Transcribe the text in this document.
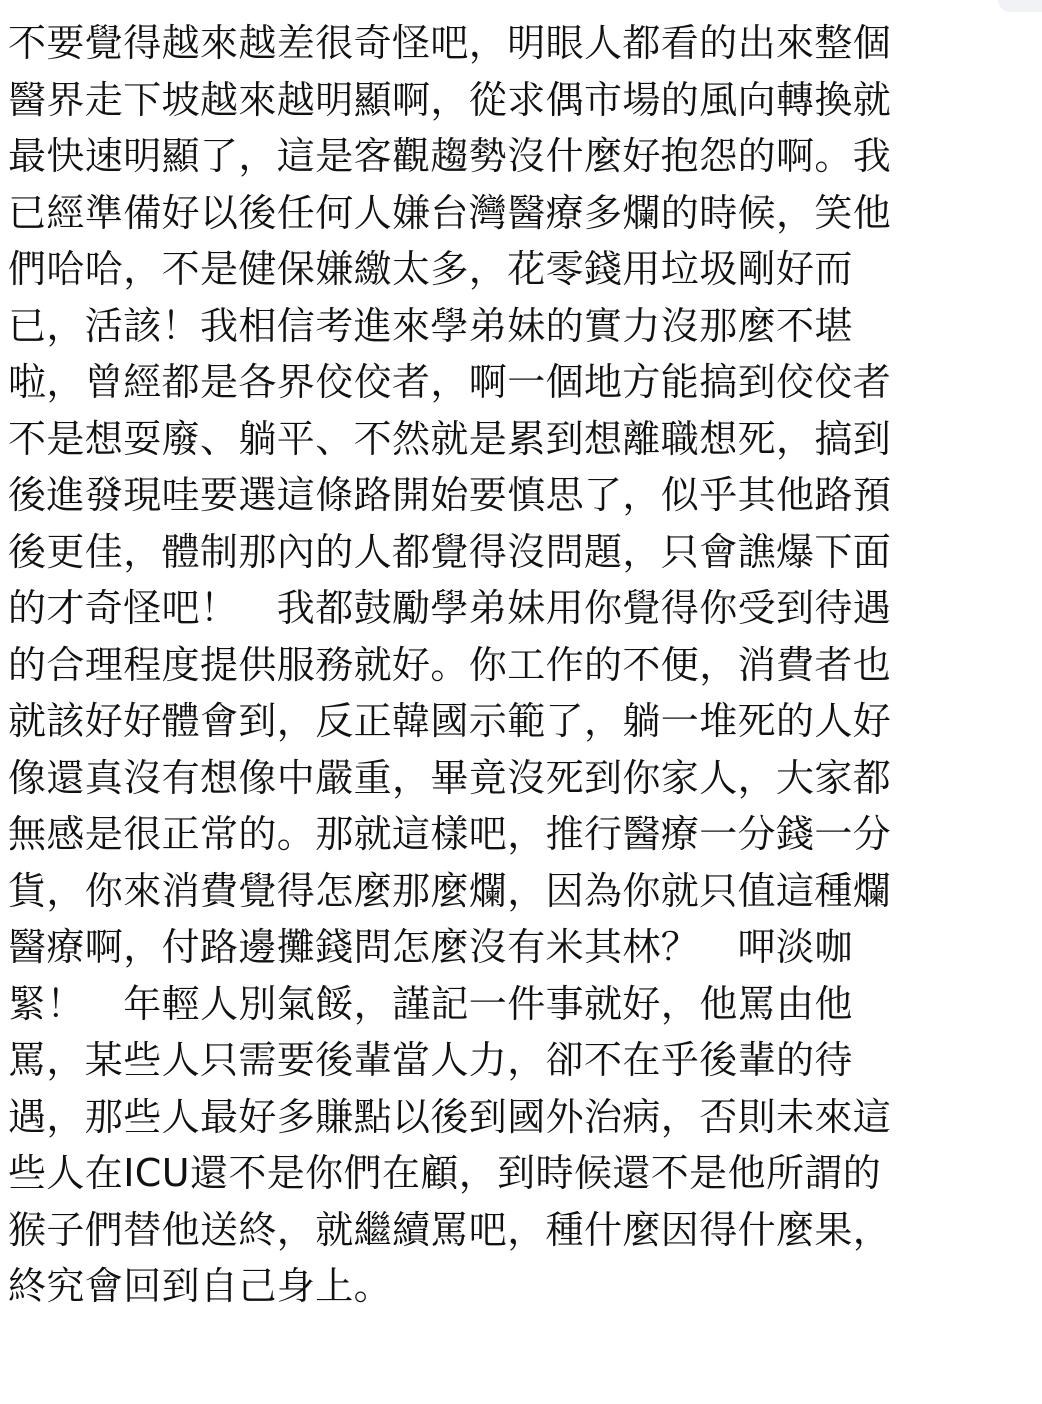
不要覺得越來越差很奇怪吧，明眼人都看的出來整個
醫界走下坡越來越明顯啊，從求偶市場的風向轉換就
最快速明顯了，這是客觀趨勢沒什麼好抱怨的啊。我
已經準備好以後任何人嫌台灣醫療多爛的時候，笑他
們哈哈，不是健保嫌繳太多，花零錢用垃圾剛好而
已，活該！我相信考進來學弟妹的實力沒那麼不堪
啦，曾經都是各界佼佼者，啊一個地方能搞到佼佼者
不是想耍廢、躺平、不然就是累到想離職想死，搞到
後進發現哇要選這條路開始要慎思了，似乎其他路預
後更佳，體制那內的人都覺得沒問題，只會譙爆下面
的才奇怪吧！　我都鼓勵學弟妹用你覺得你受到待遇
的合理程度提供服務就好。你工作的不便，消費者也
就該好好體會到，反正韓國示範了，躺一堆死的人好
像還真沒有想像中嚴重，畢竟沒死到你家人，大家都
無感是很正常的。那就這樣吧，推行醫療一分錢一分
貨，你來消費覺得怎麼那麼爛，因為你就只值這種爛
醫療啊，付路邊攤錢問怎麼沒有米其林？　呷淡咖
緊！　年輕人別氣餒，謹記一件事就好，他罵由他
罵，某些人只需要後輩當人力，卻不在乎後輩的待
遇，那些人最好多賺點以後到國外治病，否則未來這
些人在ICU還不是你們在顧，到時候還不是他所謂的
猴子們替他送終，就繼續罵吧，種什麼因得什麼果，
終究會回到自己身上。
